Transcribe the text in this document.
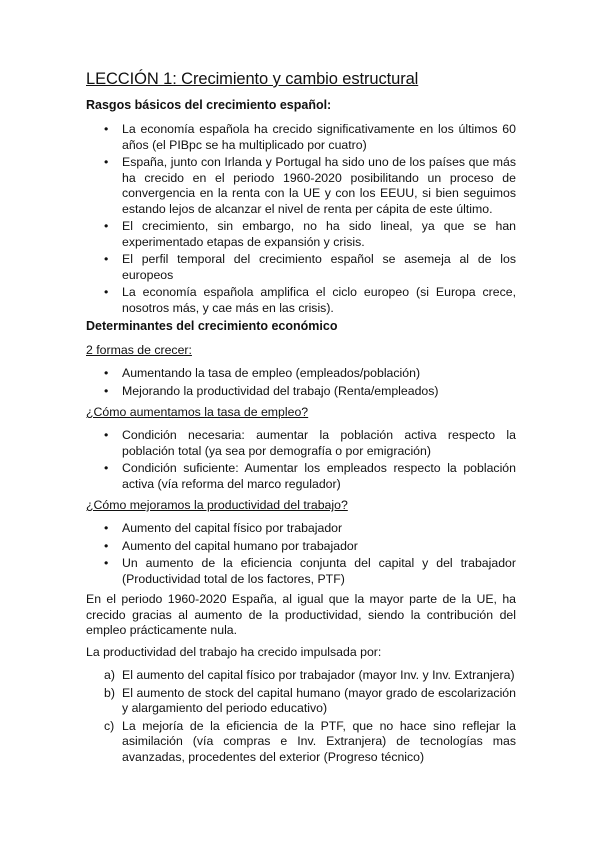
LECCIÓN 1: Crecimiento y cambio estructural
Rasgos básicos del crecimiento español:
• La economía española ha crecido significativamente en los últimos 60 años (el PIBpc se ha multiplicado por cuatro)
• España, junto con Irlanda y Portugal ha sido uno de los países que más ha crecido en el periodo 1960-2020 posibilitando un proceso de convergencia en la renta con la UE y con los EEUU, si bien seguimos estando lejos de alcanzar el nivel de renta per cápita de este último.
• El crecimiento, sin embargo, no ha sido lineal, ya que se han experimentado etapas de expansión y crisis.
• El perfil temporal del crecimiento español se asemeja al de los europeos
• La economía española amplifica el ciclo europeo (si Europa crece, nosotros más, y cae más en las crisis).
Determinantes del crecimiento económico
2 formas de crecer:
• Aumentando la tasa de empleo (empleados/población)
• Mejorando la productividad del trabajo (Renta/empleados)
¿Cómo aumentamos la tasa de empleo?
• Condición necesaria: aumentar la población activa respecto la población total (ya sea por demografía o por emigración)
• Condición suficiente: Aumentar los empleados respecto la población activa (vía reforma del marco regulador)
¿Cómo mejoramos la productividad del trabajo?
• Aumento del capital físico por trabajador
• Aumento del capital humano por trabajador
• Un aumento de la eficiencia conjunta del capital y del trabajador (Productividad total de los factores, PTF)
En el periodo 1960-2020 España, al igual que la mayor parte de la UE, ha crecido gracias al aumento de la productividad, siendo la contribución del empleo prácticamente nula.
La productividad del trabajo ha crecido impulsada por:
a) El aumento del capital físico por trabajador (mayor Inv. y Inv. Extranjera)
b) El aumento de stock del capital humano (mayor grado de escolarización y alargamiento del periodo educativo)
c) La mejoría de la eficiencia de la PTF, que no hace sino reflejar la asimilación (vía compras e Inv. Extranjera) de tecnologías mas avanzadas, procedentes del exterior (Progreso técnico)
